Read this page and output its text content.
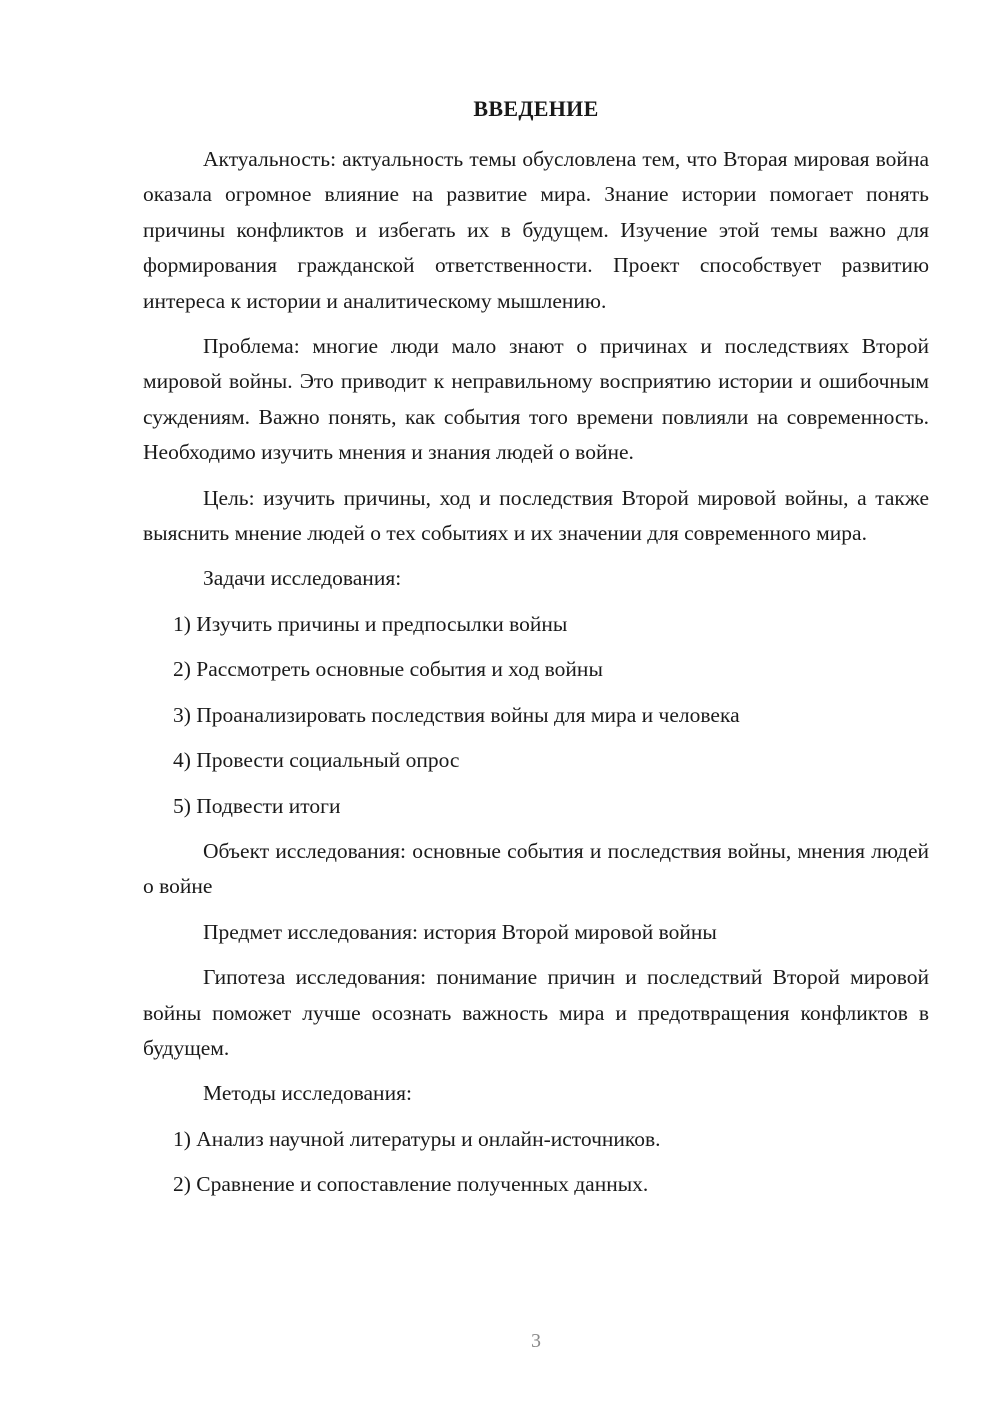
ВВЕДЕНИЕ

Актуальность: актуальность темы обусловлена тем, что Вторая мировая война оказала огромное влияние на развитие мира. Знание истории помогает понять причины конфликтов и избегать их в будущем. Изучение этой темы важно для формирования гражданской ответственности. Проект способствует развитию интереса к истории и аналитическому мышлению.

Проблема: многие люди мало знают о причинах и последствиях Второй мировой войны. Это приводит к неправильному восприятию истории и ошибочным суждениям. Важно понять, как события того времени повлияли на современность. Необходимо изучить мнения и знания людей о войне.

Цель: изучить причины, ход и последствия Второй мировой войны, а также выяснить мнение людей о тех событиях и их значении для современного мира.

Задачи исследования:

1) Изучить причины и предпосылки войны

2) Рассмотреть основные события и ход войны

3) Проанализировать последствия войны для мира и человека

4) Провести социальный опрос

5) Подвести итоги

Объект исследования: основные события и последствия войны, мнения людей о войне

Предмет исследования: история Второй мировой войны

Гипотеза исследования: понимание причин и последствий Второй мировой войны поможет лучше осознать важность мира и предотвращения конфликтов в будущем.

Методы исследования:

1) Анализ научной литературы и онлайн-источников.

2) Сравнение и сопоставление полученных данных.

3
